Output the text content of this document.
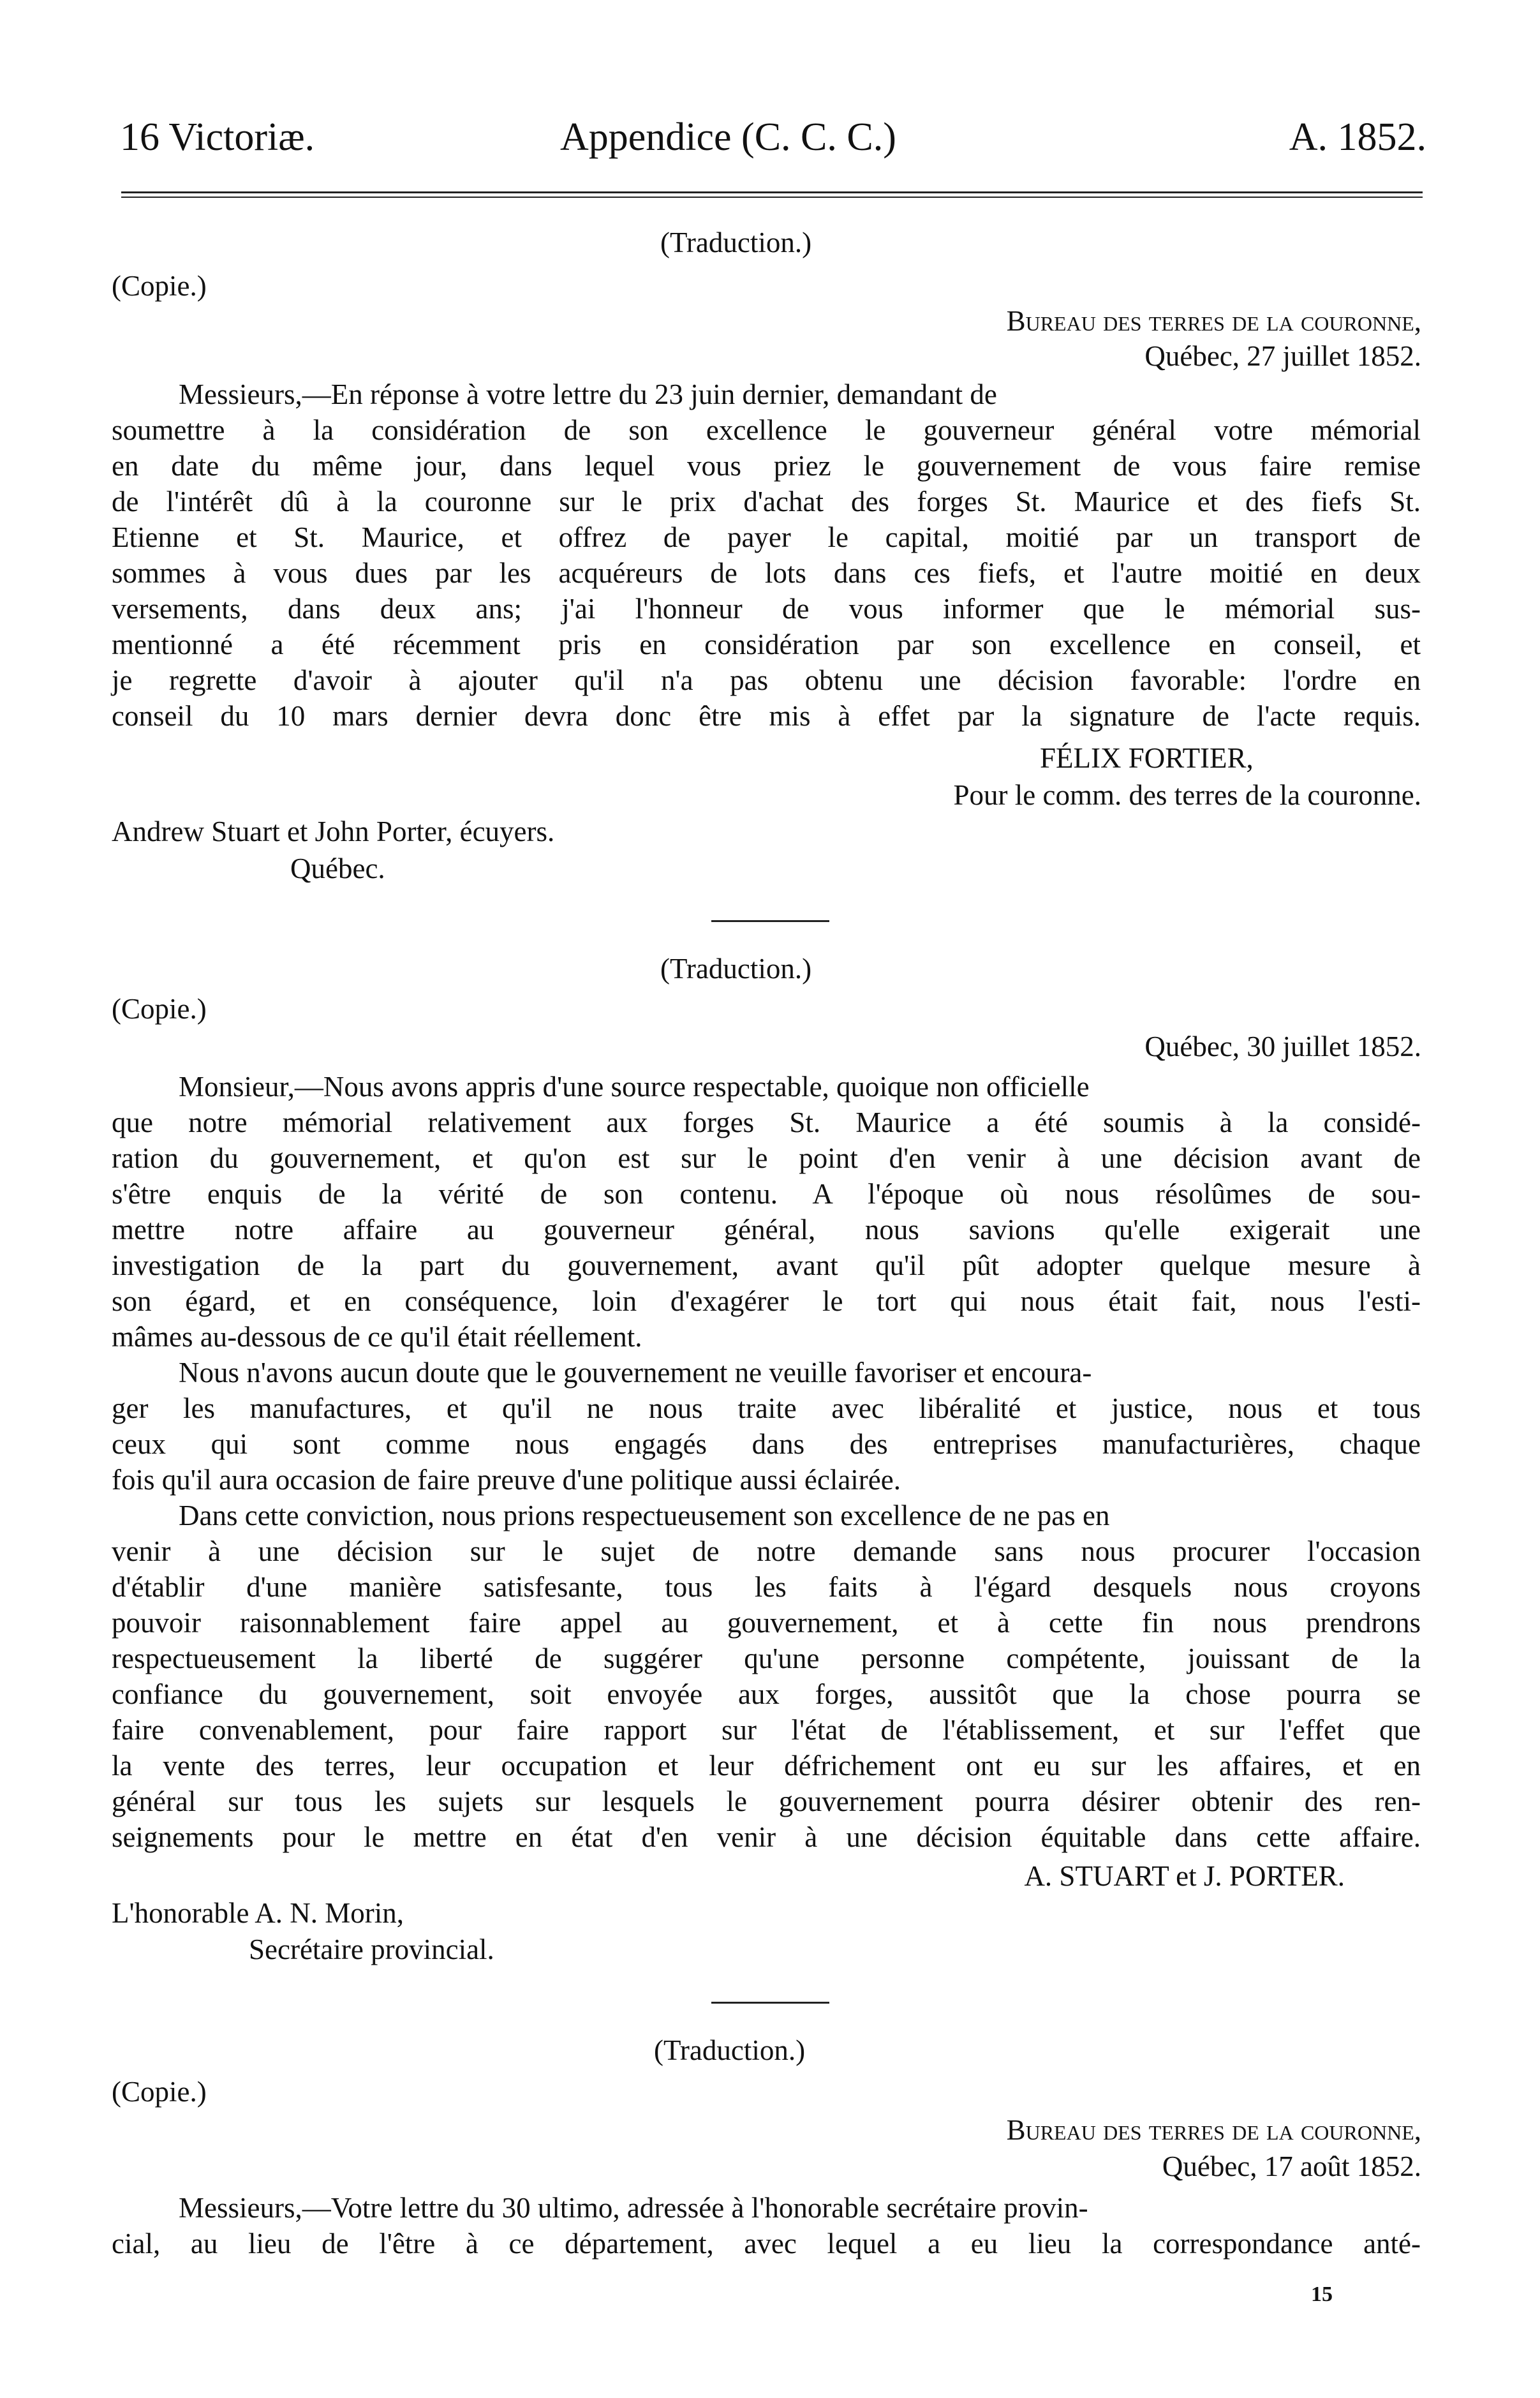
16 Victoriæ.	Appendice (C. C. C.)	A. 1852.
(Traduction.)
(Copie.)
Bureau des terres de la couronne,
Québec, 27 juillet 1852.
Messieurs,—En réponse à votre lettre du 23 juin dernier, demandant de
soumettre à la considération de son excellence le gouverneur général votre mémorial
en date du même jour, dans lequel vous priez le gouvernement de vous faire remise
de l'intérêt dû à la couronne sur le prix d'achat des forges St. Maurice et des fiefs St.
Etienne et St. Maurice, et offrez de payer le capital, moitié par un transport de
sommes à vous dues par les acquéreurs de lots dans ces fiefs, et l'autre moitié en deux
versements, dans deux ans; j'ai l'honneur de vous informer que le mémorial sus-
mentionné a été récemment pris en considération par son excellence en conseil, et
je regrette d'avoir à ajouter qu'il n'a pas obtenu une décision favorable: l'ordre en
conseil du 10 mars dernier devra donc être mis à effet par la signature de l'acte requis.
FÉLIX FORTIER,
Pour le comm. des terres de la couronne.
Andrew Stuart et John Porter, écuyers.
Québec.
(Traduction.)
(Copie.)
Québec, 30 juillet 1852.
Monsieur,—Nous avons appris d'une source respectable, quoique non officielle
que notre mémorial relativement aux forges St. Maurice a été soumis à la considé-
ration du gouvernement, et qu'on est sur le point d'en venir à une décision avant de
s'être enquis de la vérité de son contenu. A l'époque où nous résolûmes de sou-
mettre notre affaire au gouverneur général, nous savions qu'elle exigerait une
investigation de la part du gouvernement, avant qu'il pût adopter quelque mesure à
son égard, et en conséquence, loin d'exagérer le tort qui nous était fait, nous l'esti-
mâmes au-dessous de ce qu'il était réellement.
Nous n'avons aucun doute que le gouvernement ne veuille favoriser et encoura-
ger les manufactures, et qu'il ne nous traite avec libéralité et justice, nous et tous
ceux qui sont comme nous engagés dans des entreprises manufacturières, chaque
fois qu'il aura occasion de faire preuve d'une politique aussi éclairée.
Dans cette conviction, nous prions respectueusement son excellence de ne pas en
venir à une décision sur le sujet de notre demande sans nous procurer l'occasion
d'établir d'une manière satisfesante, tous les faits à l'égard desquels nous croyons
pouvoir raisonnablement faire appel au gouvernement, et à cette fin nous prendrons
respectueusement la liberté de suggérer qu'une personne compétente, jouissant de la
confiance du gouvernement, soit envoyée aux forges, aussitôt que la chose pourra se
faire convenablement, pour faire rapport sur l'état de l'établissement, et sur l'effet que
la vente des terres, leur occupation et leur défrichement ont eu sur les affaires, et en
général sur tous les sujets sur lesquels le gouvernement pourra désirer obtenir des ren-
seignements pour le mettre en état d'en venir à une décision équitable dans cette affaire.
A. STUART et J. PORTER.
L'honorable A. N. Morin,
Secrétaire provincial.
(Traduction.)
(Copie.)
Bureau des terres de la couronne,
Québec, 17 août 1852.
Messieurs,—Votre lettre du 30 ultimo, adressée à l'honorable secrétaire provin-
cial, au lieu de l'être à ce département, avec lequel a eu lieu la correspondance anté-
15
